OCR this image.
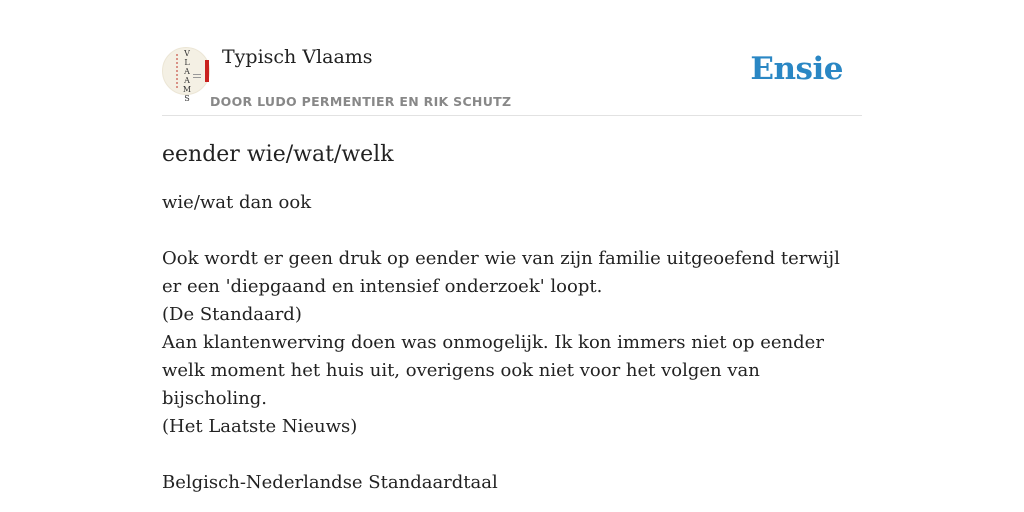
V
L
A
A
M
S
Typisch Vlaams
DOOR LUDO PERMENTIER EN RIK SCHUTZ
Ensie
eender wie/wat/welk

wie/wat dan ook

Ook wordt er geen druk op eender wie van zijn familie uitgeoefend terwijl er een 'diepgaand en intensief onderzoek' loopt.

(De Standaard)

Aan klantenwerving doen was onmogelijk. Ik kon immers niet op eender welk moment het huis uit, overigens ook niet voor het volgen van bijscholing.

(Het Laatste Nieuws)

Belgisch-Nederlandse Standaardtaal
